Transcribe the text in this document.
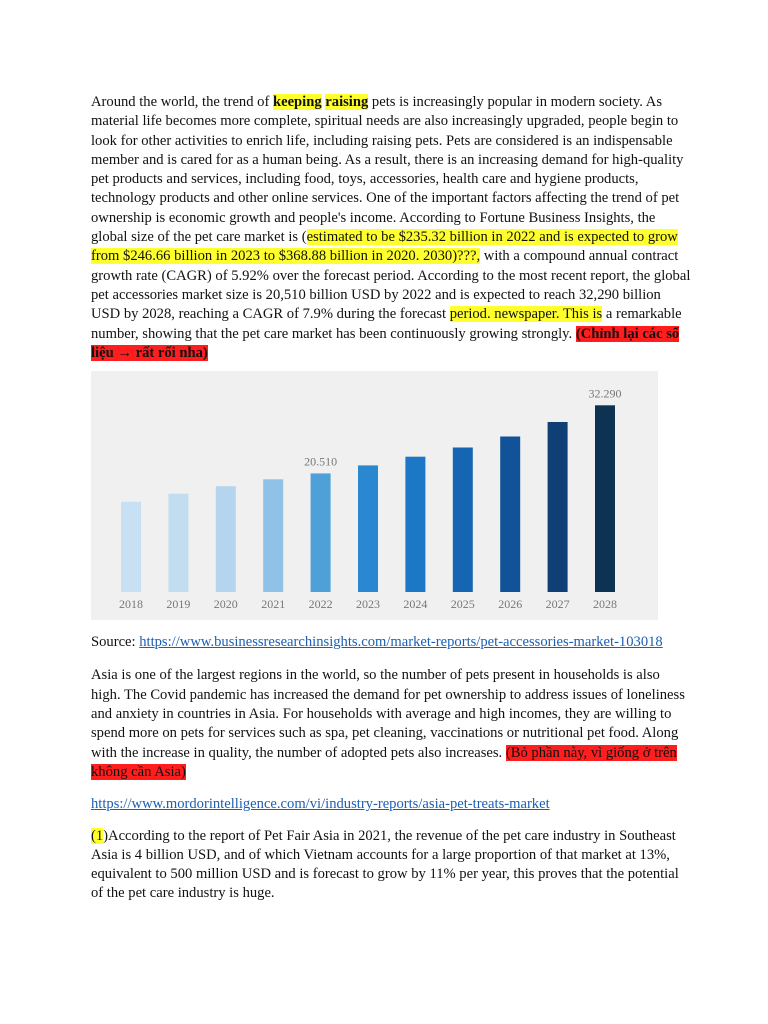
Around the world, the trend of keeping raising pets is increasingly popular in modern society. As material life becomes more complete, spiritual needs are also increasingly upgraded, people begin to look for other activities to enrich life, including raising pets. Pets are considered is an indispensable member and is cared for as a human being. As a result, there is an increasing demand for high-quality pet products and services, including food, toys, accessories, health care and hygiene products, technology products and other online services. One of the important factors affecting the trend of pet ownership is economic growth and people's income. According to Fortune Business Insights, the global size of the pet care market is (estimated to be $235.32 billion in 2022 and is expected to grow from $246.66 billion in 2023 to $368.88 billion in 2020. 2030)???, with a compound annual contract growth rate (CAGR) of 5.92% over the forecast period. According to the most recent report, the global pet accessories market size is 20,510 billion USD by 2022 and is expected to reach 32,290 billion USD by 2028, reaching a CAGR of 7.9% during the forecast period. newspaper. This is a remarkable number, showing that the pet care market has been continuously growing strongly. (Chỉnh lại các số liệu → rất rối nha)

2018 2019 2020 2021 2022 2023 2024 2025 2026 2027 2028
20.510
32.290

Source: https://www.businessresearchinsights.com/market-reports/pet-accessories-market-103018

Asia is one of the largest regions in the world, so the number of pets present in households is also high. The Covid pandemic has increased the demand for pet ownership to address issues of loneliness and anxiety in countries in Asia. For households with average and high incomes, they are willing to spend more on pets for services such as spa, pet cleaning, vaccinations or nutritional pet food. Along with the increase in quality, the number of adopted pets also increases. (Bỏ phần này, vì giống ở trên không cần Asia)

https://www.mordorintelligence.com/vi/industry-reports/asia-pet-treats-market

(1)According to the report of Pet Fair Asia in 2021, the revenue of the pet care industry in Southeast Asia is 4 billion USD, and of which Vietnam accounts for a large proportion of that market at 13%, equivalent to 500 million USD and is forecast to grow by 11% per year, this proves that the potential of the pet care industry is huge.
